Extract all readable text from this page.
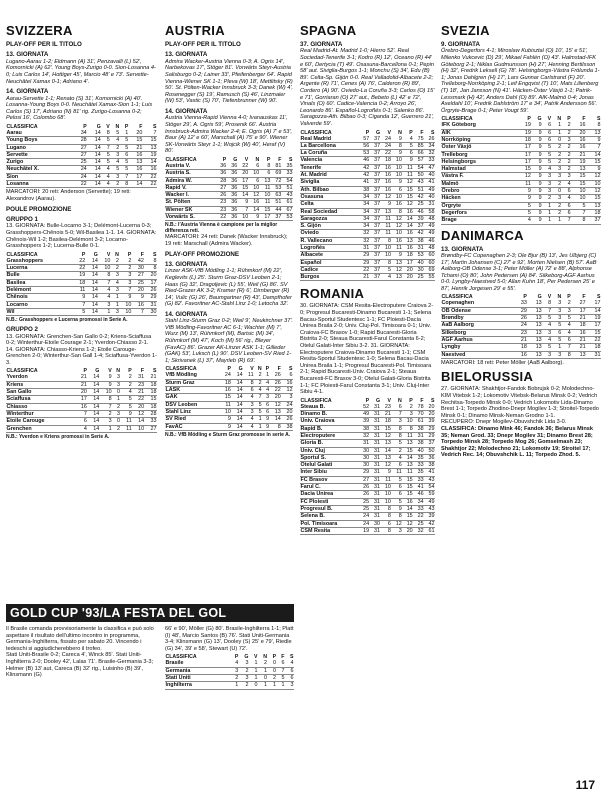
SVIZZERA
PLAY-OFF PER IL TITOLO
13. GIORNATA

Lugano-Aarau 1-2; Eldmann (A) 31', Penzavalli (L) 52', Komornicki (A) 62'. Young Boys-Zurigo 0-0. Sion-Losanna 4-0; Luis Carlos 14', Hottiger 45', Marcio 48' e 73'. Servette-Neuchâtel Xamax 0-1; Adriano 4'.

14. GIORNATA

Aarau-Servette 1-1; Renato (S) 31', Komornicki (A) 40'. Losanna-Young Boys 0-0. Neuchâtel Xamax-Sion 1-1; Luis Carlos (S) 17', Adriano (N) 81' rig. Zurigo-Losanna 0-2; Pelosi 16', Colombo 68'.

CLASSIFICA	P	G	V	N	P	F	S
Aarau	34	14	8	5	1	20	7
Young Boys	28	14	5	4	5	15	15
Lugano	27	14	7	2	5	21	13
Servette	27	14	5	3	6	16	19
Zurigo	25	14	5	4	5	13	14
Neuchâtel X.	24	14	4	5	5	16	16
Sion	24	14	4	3	7	17	22
Losanna	22	14	4	2	8	14	22

MARCATORI: 20 reti: Anderson (Servette); 19 reti: Alexandrov (Aarau).

POULE PROMOZIONE
GRUPPO 1

13. GIORNATA: Bulle-Locarno 3-1; Delémont-Lucerna 0-3; Grasshoppers-Chênois 5-0; Wil-Basilea 1-1. 14. GIORNATA: Chênois-Wil 1-2; Basilea-Delémont 3-2; Locarno-Grasshoppers 1-2; Lucerna-Bulle 0-1.

CLASSIFICA	P	G	V	N	P	F	S
Grasshoppers	22	14	10	2	2	42	8
Lucerna	22	14	10	2	2	30	8
Bulle	19	14	8	3	3	27	20
Basilea	18	14	7	4	3	25	17
Delémont	11	14	4	3	7	20	26
Chênois	9	14	4	1	9	9	29
Locarno	7	14	3	1	10	16	31
Wil	5	14	1	3	10	7	30

N.B.: Grasshoppers e Lucerna promossi in Serie A.

GRUPPO 2

13. GIORNATA: Grenchen-San Gallo 0-2; Kriens-Sciaffusa 0-2; Winterthur-Etoile Courage 2-1; Yverdon-Chiasso 2-1. 14. GIORNATA: Chiasso-Kriens 1-2; Etoile Carouge-Grenchen 2-0; Winterthur-San Gall 1-4; Sciaffusa-Yverdon 1-3.

CLASSIFICA	P	G	V	N	P	F	S
Yverdon	21	14	9	3	2	31	21
Kriens	21	14	9	3	2	23	18
San Gallo	20	14	10	0	4	21	18
Sciaffusa	17	14	8	1	5	22	15
Chiasso	16	14	7	2	5	20	18
Winterthur	7	14	2	3	9	12	28
Etoile Carouge	6	14	3	0	11	14	33
Grenchen	4	14	1	2	11	10	27

N.B.: Yverdon e Kriens promossi in Serie A.

AUSTRIA
PLAY-OFF PER IL TITOLO
13. GIORNATA

Admira Wacker-Austria Vienna 0-3; A. Ogris 14', Narbekovas 17', Stöger 81'. Vorwärts Steyr-Austria Salisburgo 0-2; Lainer 33', Pfeifenberger 64'. Rapid Vienna-Wiener SK 1-1; Pleva (W) 18', Mettlitsky (R) 50'. St. Pölten-Wacker Innsbruck 3-3; Danek (W) 4', Rosenegger (S) 19', Ramusch (S) 46', Linzmaier (W) 53', Vastic (S) 70', Tiefenbrunner (W) 90'.

14. GIORNATA

Austria Vienna-Rapid Vienna 4-0; Ivanauskas 11', Stöger 29', A. Ogris 59', Prosenik 66'. Austria Innsbruck-Admira Wacker 2-4; E. Ogris (A) 7' e 53', Baur (A) 12' e 60', Marschall (A) 75' e 90'. Wiener SK-Vorwärts Steyr 1-1; Wojcik (W) 40', Heraf (V) 80'.

CLASSIFICA	P	G	V	N	P	F	S
Austria V.	36	36	22	6	8	81	35
Austria S.	36	36	20	10	6	69	33
Admira W.	28	36	17	6	13	72	54
Rapid V.	27	36	15	10	11	53	51
Wacker I.	26	36	14	12	10	63	43
St. Pölten	23	36	9	16	11	51	61
Wiener SK	23	36	7	14	15	44	67
Vorwärts S.	22	36	10	9	17	37	53

N.B.: l'Austria Vienna è campione per la miglior differenza reti.

MARCATORI: 24 reti: Danek (Wacker Innsbruck); 19 reti: Marschall (Admira Wacker).

PLAY-OFF PROMOZIONE
13. GIORNATA

Linzer ASK-VfB Mödling 1-1; Rühmkorf (M) 22', Keglevits (L) 25'. Sturm Graz-DSV Leoben 2-1; Haas (G) 32', Dragoljevic (L) 55', Weil (G) 86'. SV Ried-Grazer AK 3-2; Kramer (R) 6', Dirnberger (R) 14', Vulic (G) 26', Baumgartner (R) 43', Dampfhofer (G) 82'. Favoritner AC-Stahl Linz 1-0; Letocha 32'.

14. GIORNATA

Stahl Linz-Sturm Graz 0-2; Weil 9', Neukirchner 37'. VfB Mödling-Favoritner AC 6-1; Wachter (M) 7', Wurz (M) 13', Rühmkorf (M), Barisic (M) 34', Rühmkorf (M) 47', Koch (M) 56' rig., Bleyer (FavAC) 86'. Grazer AK-Linzer ASK 1-1; Gilleder (GAK) 53', Luksch (L) 90'. DSV Leoben-SV Ried 1-1; Skrivanek (L) 37', Mayrleb (R) 69'.

CLASSIFICA	P	G	V	N	P	F	S
VfB Mödling	24	14	11	2	1	26	6
Sturm Graz	18	14	8	2	4	26	16
LASK	16	14	6	4	4	22	12
GAK	15	14	4	7	3	20	3
DSV Leoben	11	14	3	5	6	12	24
Stahl Linz	10	14	3	5	6	13	20
SV Ried	9	14	4	1	9	14	26
FavAC	9	14	4	1	9	8	38

N.B.: VfB Mödling e Sturm Graz promosse in serie A.

GOLD CUP '93/LA FESTA DEL GOL

Il Brasile comanda provvisoriamente la classifica e può solo aspettare il risultato dell'ultimo incontro in programma, Germania-Inghilterra, fissato per sabato 20. Vincendo i tedeschi si aggiudicherebbero il trofeo.

Stati Uniti-Brasile 0-2; Careca 4', Winck 85'. Stati Uniti-Inghilterra 2-0; Dooley 42', Lalas 71'. Brasile-Germania 3-3; Helmer (B) 13' aut, Careca (B) 32' rig., Luisinho (B) 39', Klinsmann (G)

66' e 90', Möller (G) 80'. Brasile-Inghilterra 1-1; Platt (I) 48', Marcio Santos (B) 76'. Stati Uniti-Germania 3-4; Klinsmann (G) 13', Dooley (S) 25' e 79', Riedle (G) 34', 39' e 58', Stewart (U) 72'.

CLASSIFICA	P	G	V	N	P	F	S
Brasile	4	3	1	2	0	6	4
Germania	3	2	1	1	0	7	6
Stati Uniti	2	3	1	0	2	5	6
Inghilterra	1	2	0	1	1	1	3
SPAGNA
37. GIORNATA

Real Madrid-At. Madrid 1-0; Hierro 52'. Real Sociedad-Tenerife 3-1; Kodro (R) 12', Oceano (R) 44' e 60', Dertycia (T) 49'. Osasuna-Barcellona 0-1; Pepin 58' aut. Siviglia-Burgos 1-1; Monchu (S) 34', Edu (B) 89'. Celta-Sp. Gijón 0-0. Real Valladolid-Albacete 2-2; Argente (R) 71', Cenes (A) 76', Calderon (R) 89', Cordero (A) 90'. Oviedo-La Coruña 3-3; Carlos (O) 15' e 71', Gorriaran (O) 27' aut., Bebeto (L) 42' e 72', Vinals (O) 60'. Cadice-Valencia 0-2; Arroyo 26', Leonardo 86'. Español-Logroñés 0-1; Salenko 86'. Saragozza-Ath. Bilbao 0-3; Ciganda 12', Guerrero 21', Valverde 59'.

CLASSIFICA	P	G	V	N	P	F	S
Real Madrid	57	37	24	9	4	75	26
La Barcellona	56	37	24	8	5	85	34
La Coruña	53	37	22	9	6	66	32
Valencia	46	37	18	10	9	57	33
Tenerife	42	37	16	10	11	54	47
At. Madrid	42	37	16	10	11	50	40
Siviglia	41	37	16	9	12	43	41
Ath. Bilbao	38	37	16	6	15	51	49
Osasuna	34	37	12	10	15	42	40
Celta	34	37	9	16	12	25	31
Real Sociedad	34	37	13	8	16	46	58
Saragozza	34	37	11	12	14	39	48
S. Gijón	34	37	11	12	14	37	49
Oviedo	32	37	11	10	16	42	49
R. Vallecano	32	37	8	16	13	38	46
Logroñés	31	37	10	11	16	31	48
Albacete	29	37	10	9	18	53	60
Español	29	37	8	13	17	40	60
Cadice	22	37	5	12	20	30	69
Burgos	21	37	4	13	20	25	55
ROMANIA

30. GIORNATA: CSM Resita-Electroputere Craiova 2-0; Progresul Bucaresti-Dinamo Bucaresti 1-1; Selena Bacau-Sportul Studentesc 1-1; FC Ploiesti-Dacia Unirea Braila 2-0; Univ. Cluj-Pol. Timisoara 0-1; Univ. Craiova-FC Brasov 1-0; Rapid Bucaresti-Gloria Bistrita 2-0; Steaua Bucaresti-Farul Constanta 6-2; Otelul Galati-Inter Sibiu 3-2. 31. GIORNATA: Electroputere Craiova-Dinamo Bucaresti 1-1; CSM Resita-Sportul Studentesc 1-0; Selena Bacau-Dacia Unirea Braila 1-1; Progresul Bucaresti-Pol. Timisoara 2-1; Rapid Bucaresti-Univ. Craiova 2-1; Steaua Bucaresti-FC Brasov 3-0; Otelul Galati-Gloria Bistrita 1-1; FC Ploiesti-Farul Constanta 3-1; Univ. Cluj-Inter Sibiu 4-1.

CLASSIFICA	P	G	V	N	P	F	S
Steaua B.	52	31	23	6	2	78	20
Dinamo B.	49	31	21	7	3	70	20
Univ. Craiova	39	31	18	3	10	61	39
Rapid B.	38	31	15	8	8	38	29
Electroputere	32	31	12	8	11	31	29
Gloria B.	31	31	13	5	13	38	37
Univ. Cluj	30	31	14	2	15	40	50
Sportul S.	30	31	13	4	14	35	36
Otelul Galati	30	31	12	6	13	33	38
Inter Sibiu	29	31	9	11	11	35	41
FC Brasov	27	31	11	5	15	33	43
Farul C.	26	31	10	6	15	41	54
Dacia Unirea	26	31	10	6	15	46	59
FC Ploiesti	25	31	10	5	16	34	49
Progresul B.	25	31	8	9	14	33	43
Selena B.	24	31	8	8	15	22	39
Pol. Timisoara	24	30	6	12	12	25	42
CSM Resita	19	31	8	3	20	32	61
SVEZIA
9. GIORNATA

Örebro-Degerfors 4-1; Miroslaw Kubisztal (O) 10', 15' e 51', Milenko Vukcevic (D) 29', Mikael Fahlén (O) 43'. Halmstad-IFK Göteborg 2-1; Niklas Gudmunsson (H) 27', Henning Bertilsson (H) 32', Fredrik Leksell (G) 78'. Helsingborgs-Västra Frölunda 1-1; Jonas Dahlgren (H) 17', Lars Gunnar Carlstrand (F) 20'. Trelleborg-Norrköping 2-1; Leif Engqvist (T) 10', Mats Lilienberg (T) 18', Jan Jansson (N) 41'. Häcken-Öster Växjö 1-1; Patrik-Lessmark (H) 42', Anders Dahl (O) 89'. AIK-Malmö 0-4; Jonas Axeldahl 10', Fredrik Dahlström 17' e 34', Patrik Andersson 56'. Örgryte-Brage 0-1; Peter Vougt 59'.

CLASSIFICA	P	G	V	N	P	F	S
IFK Göteborg	19	9	6	1	2	16	8
AIK	19	9	6	1	2	20	13
Norrköping	18	9	6	0	3	16	9
Öster Växjö	17	9	5	2	2	16	7
Trelleborg	17	9	5	2	2	21	14
Helsingborgs	17	9	5	2	2	19	15
Halmstad	15	9	4	3	2	13	9
Västra F.	12	9	3	3	3	15	12
Malmö	11	9	3	2	4	15	10
Örebro	9	9	3	0	6	10	12
Häcken	9	9	2	3	4	10	15
Örgryte	5	9	1	2	6	5	13
Degerfors	5	9	1	2	6	7	18
Brage	4	9	1	1	7	8	37
DANIMARCA
13. GIORNATA

Brøndby-FC Copenaghen 2-3; Ole Bjur (B) 13', Jes Ulbjerg (C) 17', Martin Johansen (C) 27' e 92', Morten Nielsen (B) 57'. AaB Aalborg-OB Odense 3-1; Peter Möller (A) 72' e 88', Alphonse Tchami (O) 80', John Pedersen (A) 84'. Silkeborg-AGF Aarhus 0-0. Lyngby-Naestved 5-0; Allan Kuhn 18', Per Pedersen 25' e 87', Henrik Jorgesen 29' e 55'.

CLASSIFICA	P	G	V	N	P	F	S
Copenaghen	33	13	8	3	2	27	17
OB Odense	29	13	7	3	3	17	14
Brøndby	26	13	5	3	5	21	19
AaB Aalborg	24	13	4	5	4	18	17
Silkeborg	23	13	3	6	4	16	15
AGF Aarhus	21	13	4	5	6	21	22
Lyngby	18	13	5	1	7	21	18
Naestved	16	13	3	3	8	13	31

MARCATORI: 18 reti: Peter Möller (AaB Aalborg).

BIELORUSSIA

27. GIORNATA: Shakhtjor-Fandok Bobrujsk 0-2; Molodechno-KIM Vitebsk 1-2; Lokomotiv Vitebsk-Belarus Minsk 0-2; Vedrich Rechitsa-Torpedo Minsk 0-0; Vedrich Lokomotiv Lida-Dinamo Brest 1-1; Torpedo Zhodino-Dnepr Mogilev 1-3; Stroitel-Torpedo Minsk 0-1; Dinamo Minsk-Neman Grodno 1-1.

RECUPERO: Dnepr Mogilev-Obuvshchik Lida 3-0.

CLASSIFICA: Dinamo Mink 46; Fandok 36; Belarus Minsk 35; Neman Grod. 33; Dnepr Mogilev 31; Dinamo Brest 28; Torpedo Minsk 28; Torpedo Mog 26; Gomselmash 23; Shakhtjor 22; Molodechno 21; Lokomotiv 19; Stroitel 17; Vedrich Rec. 14; Obuvshchik L. 11; Torpedo Zhod. 5.

117
